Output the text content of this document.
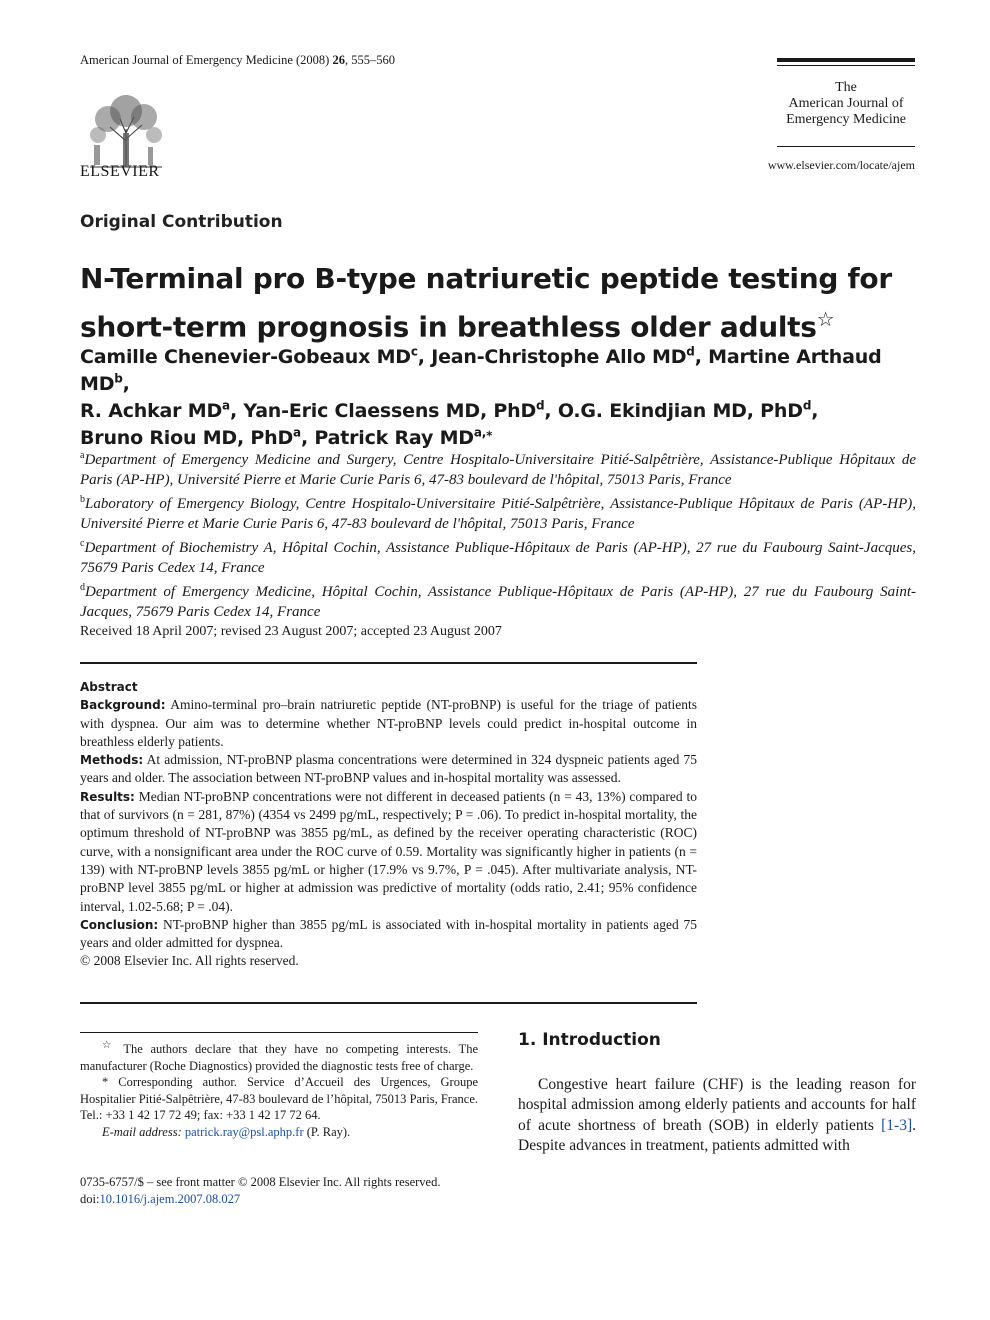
American Journal of Emergency Medicine (2008) 26, 555–560
ELSEVIER
The
American Journal of
Emergency Medicine
www.elsevier.com/locate/ajem
Original Contribution
N-Terminal pro B-type natriuretic peptide testing for
short-term prognosis in breathless older adults☆
Camille Chenevier-Gobeaux $MD^c$, Jean-Christophe Allo $MD^d$, Martine Arthaud $MD^b$,
R. Achkar $MD^a$, Yan-Eric Claessens MD, PhD$^d$, O.G. Ekindjian MD, PhD$^d$,
Bruno Riou MD, PhD$^a$, Patrick Ray $MD^{a,⁎}$

$^a$Department of Emergency Medicine and Surgery, Centre Hospitalo-Universitaire Pitié-Salpêtrière, Assistance-Publique Hôpitaux de Paris (AP-HP), Université Pierre et Marie Curie Paris 6, 47-83 boulevard de l'hôpital, 75013 Paris, France

$^b$Laboratory of Emergency Biology, Centre Hospitalo-Universitaire Pitié-Salpêtrière, Assistance-Publique Hôpitaux de Paris (AP-HP), Université Pierre et Marie Curie Paris 6, 47-83 boulevard de l'hôpital, 75013 Paris, France

$^c$Department of Biochemistry A, Hôpital Cochin, Assistance Publique-Hôpitaux de Paris (AP-HP), 27 rue du Faubourg Saint-Jacques, 75679 Paris Cedex 14, France

$^d$Department of Emergency Medicine, Hôpital Cochin, Assistance Publique-Hôpitaux de Paris (AP-HP), 27 rue du Faubourg Saint-Jacques, 75679 Paris Cedex 14, France

Received 18 April 2007; revised 23 August 2007; accepted 23 August 2007
Abstract

Background: Amino-terminal pro–brain natriuretic peptide (NT-proBNP) is useful for the triage of patients with dyspnea. Our aim was to determine whether NT-proBNP levels could predict in-hospital outcome in breathless elderly patients.

Methods: At admission, NT-proBNP plasma concentrations were determined in 324 dyspneic patients aged 75 years and older. The association between NT-proBNP values and in-hospital mortality was assessed.

Results: Median NT-proBNP concentrations were not different in deceased patients (n = 43, 13%) compared to that of survivors (n = 281, 87%) (4354 vs 2499 pg/mL, respectively; P = .06). To predict in-hospital mortality, the optimum threshold of NT-proBNP was 3855 pg/mL, as defined by the receiver operating characteristic (ROC) curve, with a nonsignificant area under the ROC curve of 0.59. Mortality was significantly higher in patients (n = 139) with NT-proBNP levels 3855 pg/mL or higher (17.9% vs 9.7%, P = .045). After multivariate analysis, NT-proBNP level 3855 pg/mL or higher at admission was predictive of mortality (odds ratio, 2.41; 95% confidence interval, 1.02-5.68; P = .04).

Conclusion: NT-proBNP higher than 3855 pg/mL is associated with in-hospital mortality in patients aged 75 years and older admitted for dyspnea.

© 2008 Elsevier Inc. All rights reserved.

☆ The authors declare that they have no competing interests. The manufacturer (Roche Diagnostics) provided the diagnostic tests free of charge.

* Corresponding author. Service d’Accueil des Urgences, Groupe Hospitalier Pitié-Salpêtrière, 47-83 boulevard de l’hôpital, 75013 Paris, France. Tel.: +33 1 42 17 72 49; fax: +33 1 42 17 72 64.

E-mail address: patrick.ray@psl.aphp.fr (P. Ray).

0735-6757/$ – see front matter © 2008 Elsevier Inc. All rights reserved.
doi:10.1016/j.ajem.2007.08.027
1. Introduction
Congestive heart failure (CHF) is the leading reason for hospital admission among elderly patients and accounts for half of acute shortness of breath (SOB) in elderly patients [1-3]. Despite advances in treatment, patients admitted with
